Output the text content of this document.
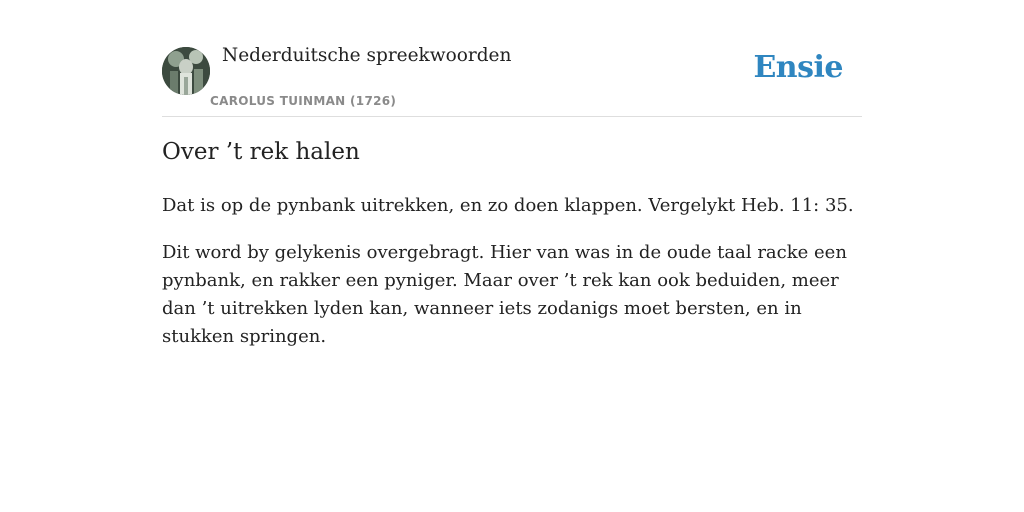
Nederduitsche spreekwoorden
CAROLUS TUINMAN (1726)
Ensie
Over ’t rek halen

Dat is op de pynbank uitrekken, en zo doen klappen. Vergelykt Heb. 11: 35.

Dit word by gelykenis overgebragt. Hier van was in de oude taal racke een pynbank, en rakker een pyniger. Maar over ’t rek kan ook beduiden, meer dan ’t uitrekken lyden kan, wanneer iets zodanigs moet bersten, en in stukken springen.
